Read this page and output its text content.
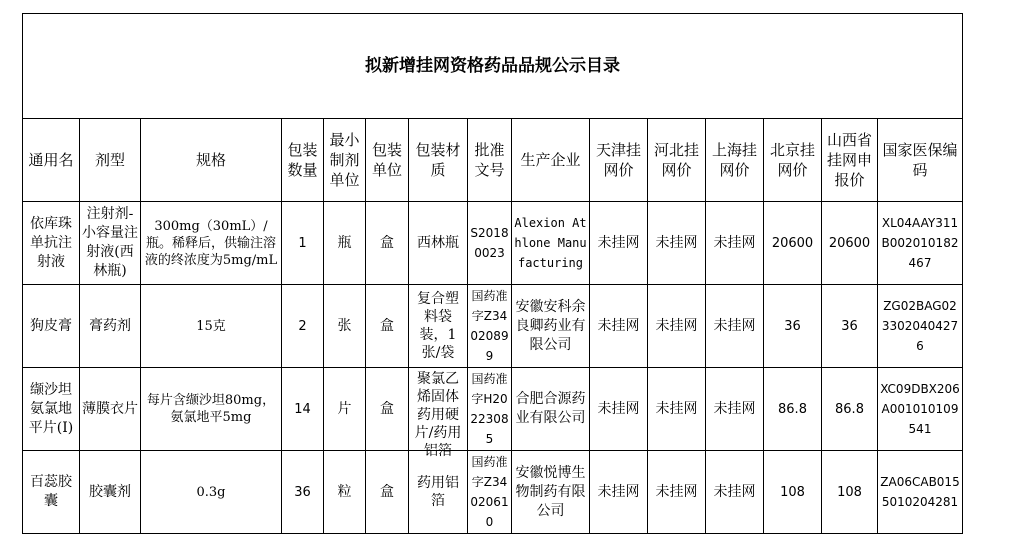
拟新增挂网资格药品品规公示目录														
通用名	剂型	规格	包装数量	最小制剂单位	包装单位	包装材质	批准文号	生产企业	天津挂网价	河北挂网价	上海挂网价	北京挂网价	山西省挂网申报价	国家医保编码
依库珠单抗注射液	注射剂-小容量注射液(西林瓶)	300mg（30mL）/瓶。稀释后，供输注溶液的终浓度为5mg/mL	1	瓶	盒	西林瓶	S20180023	Alexion Athlone Manufacturing	未挂网	未挂网	未挂网	20600	20600	XL04AAY311B002010182467
狗皮膏	膏药剂	15克	2	张	盒	复合塑料袋装，1张/袋	国药准字Z34020899	安徽安科余良卿药业有限公司	未挂网	未挂网	未挂网	36	36	ZG02BAG0233020404276
缬沙坦氨氯地平片(I)	薄膜衣片	每片含缬沙坦80mg，氨氯地平5mg	14	片	盒	聚氯乙烯固体药用硬片/药用铝箔	国药准字H20223085	合肥合源药业有限公司	未挂网	未挂网	未挂网	86.8	86.8	XC09DBX206A001010109541
百蕊胶囊	胶囊剂	0.3g	36	粒	盒	药用铝箔	国药准字Z34020610	安徽悦博生物制药有限公司	未挂网	未挂网	未挂网	108	108	ZA06CAB0155010204281
